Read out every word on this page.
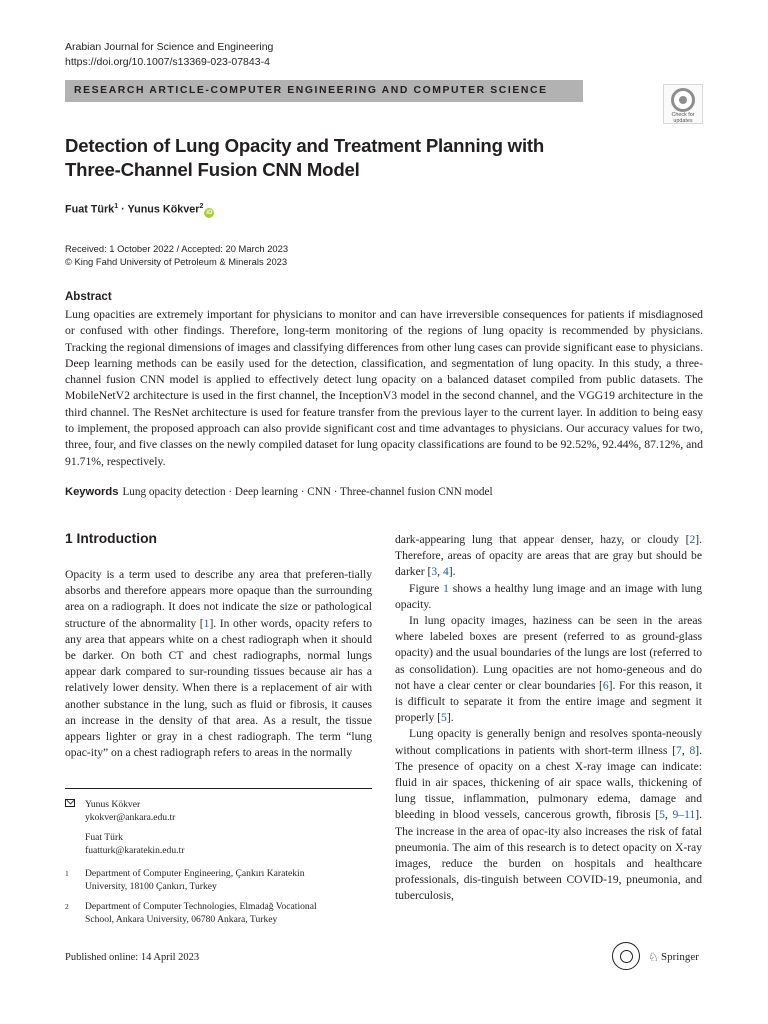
Arabian Journal for Science and Engineering
https://doi.org/10.1007/s13369-023-07843-4
RESEARCH ARTICLE-COMPUTER ENGINEERING AND COMPUTER SCIENCE
Check for
updates
Detection of Lung Opacity and Treatment Planning with
Three-Channel Fusion CNN Model
Fuat Türk$^1$ · Yunus Kökver$^2$iD
Received: 1 October 2022 / Accepted: 20 March 2023
© King Fahd University of Petroleum & Minerals 2023
Abstract
Lung opacities are extremely important for physicians to monitor and can have irreversible consequences for patients if misdiagnosed or confused with other findings. Therefore, long-term monitoring of the regions of lung opacity is recommended by physicians. Tracking the regional dimensions of images and classifying differences from other lung cases can provide significant ease to physicians. Deep learning methods can be easily used for the detection, classification, and segmentation of lung opacity. In this study, a three-channel fusion CNN model is applied to effectively detect lung opacity on a balanced dataset compiled from public datasets. The MobileNetV2 architecture is used in the first channel, the InceptionV3 model in the second channel, and the VGG19 architecture in the third channel. The ResNet architecture is used for feature transfer from the previous layer to the current layer. In addition to being easy to implement, the proposed approach can also provide significant cost and time advantages to physicians. Our accuracy values for two, three, four, and five classes on the newly compiled dataset for lung opacity classifications are found to be 92.52%, 92.44%, 87.12%, and 91.71%, respectively.
Keywords Lung opacity detection · Deep learning · CNN · Three-channel fusion CNN model
1 Introduction

Opacity is a term used to describe any area that preferen-tially absorbs and therefore appears more opaque than the surrounding area on a radiograph. It does not indicate the size or pathological structure of the abnormality [1]. In other words, opacity refers to any area that appears white on a chest radiograph when it should be darker. On both CT and chest radiographs, normal lungs appear dark compared to sur-rounding tissues because air has a relatively lower density. When there is a replacement of air with another substance in the lung, such as fluid or fibrosis, it causes an increase in the density of that area. As a result, the tissue appears lighter or gray in a chest radiograph. The term “lung opac-ity” on a chest radiograph refers to areas in the normally

dark-appearing lung that appear denser, hazy, or cloudy [2]. Therefore, areas of opacity are areas that are gray but should be darker [3, 4].

Figure 1 shows a healthy lung image and an image with lung opacity.

In lung opacity images, haziness can be seen in the areas where labeled boxes are present (referred to as ground-glass opacity) and the usual boundaries of the lungs are lost (referred to as consolidation). Lung opacities are not homo-geneous and do not have a clear center or clear boundaries [6]. For this reason, it is difficult to separate it from the entire image and segment it properly [5].

Lung opacity is generally benign and resolves sponta-neously without complications in patients with short-term illness [7, 8]. The presence of opacity on a chest X-ray image can indicate: fluid in air spaces, thickening of air space walls, thickening of lung tissue, inflammation, pulmonary edema, damage and bleeding in blood vessels, cancerous growth, fibrosis [5, 9–11]. The increase in the area of opac-ity also increases the risk of fatal pneumonia. The aim of this research is to detect opacity on X-ray images, reduce the burden on hospitals and healthcare professionals, dis-tinguish between COVID-19, pneumonia, and tuberculosis,

Yunus Kökver
ykokver@ankara.edu.tr
Fuat Türk
fuatturk@karatekin.edu.tr
1 Department of Computer Engineering, Çankırı Karatekin
University, 18100 Çankırı, Turkey
2 Department of Computer Technologies, Elmadağ Vocational
School, Ankara University, 06780 Ankara, Turkey
Published online: 14 April 2023	♘ Springer
